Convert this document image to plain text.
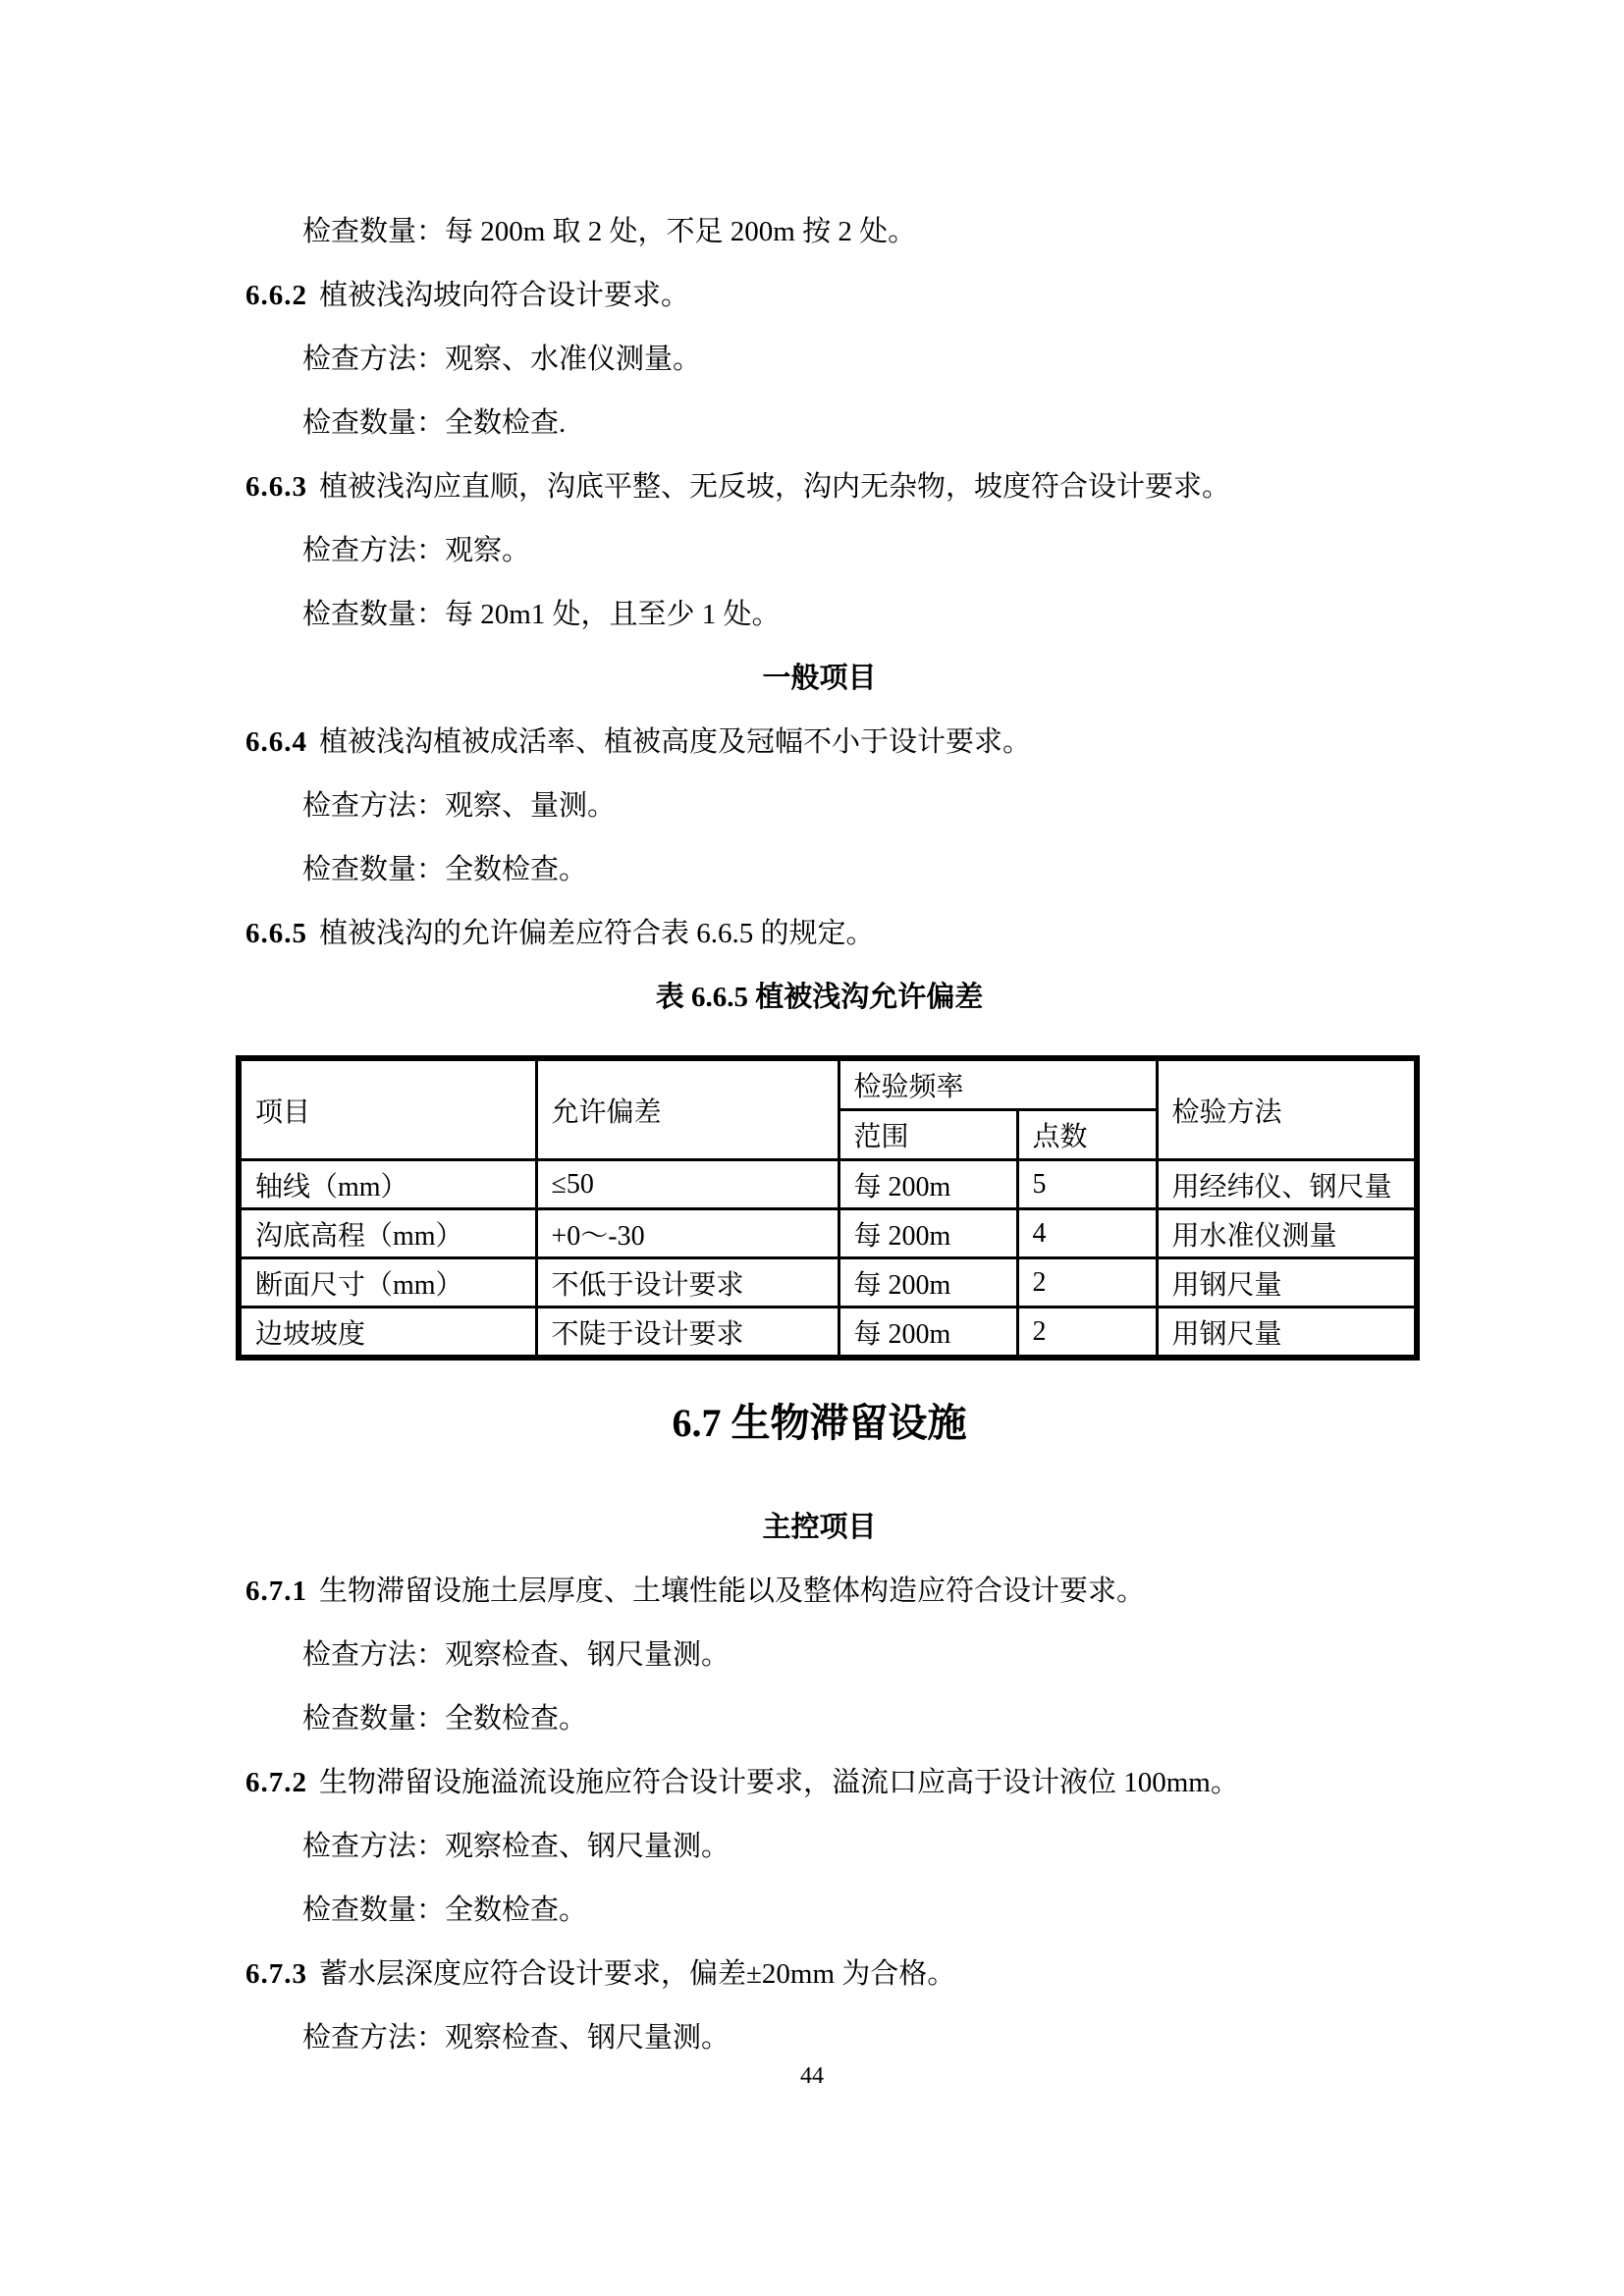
检查数量：每 200m 取 2 处，不足 200m 按 2 处。

6.6.2 植被浅沟坡向符合设计要求。

检查方法：观察、水准仪测量。

检查数量：全数检查.

6.6.3 植被浅沟应直顺，沟底平整、无反坡，沟内无杂物，坡度符合设计要求。

检查方法：观察。

检查数量：每 20m1 处，且至少 1 处。

一般项目

6.6.4 植被浅沟植被成活率、植被高度及冠幅不小于设计要求。

检查方法：观察、量测。

检查数量：全数检查。

6.6.5 植被浅沟的允许偏差应符合表 6.6.5 的规定。

表 6.6.5 植被浅沟允许偏差

项目	允许偏差	检验频率		检验方法
		范围	点数	
轴线（mm）	≤50	每 200m	5	用经纬仪、钢尺量
沟底高程（mm）	+0～-30	每 200m	4	用水准仪测量
断面尺寸（mm）	不低于设计要求	每 200m	2	用钢尺量
边坡坡度	不陡于设计要求	每 200m	2	用钢尺量
6.7 生物滞留设施

主控项目

6.7.1 生物滞留设施土层厚度、土壤性能以及整体构造应符合设计要求。

检查方法：观察检查、钢尺量测。

检查数量：全数检查。

6.7.2 生物滞留设施溢流设施应符合设计要求，溢流口应高于设计液位 100mm。

检查方法：观察检查、钢尺量测。

检查数量：全数检查。

6.7.3 蓄水层深度应符合设计要求，偏差±20mm 为合格。

检查方法：观察检查、钢尺量测。

44
